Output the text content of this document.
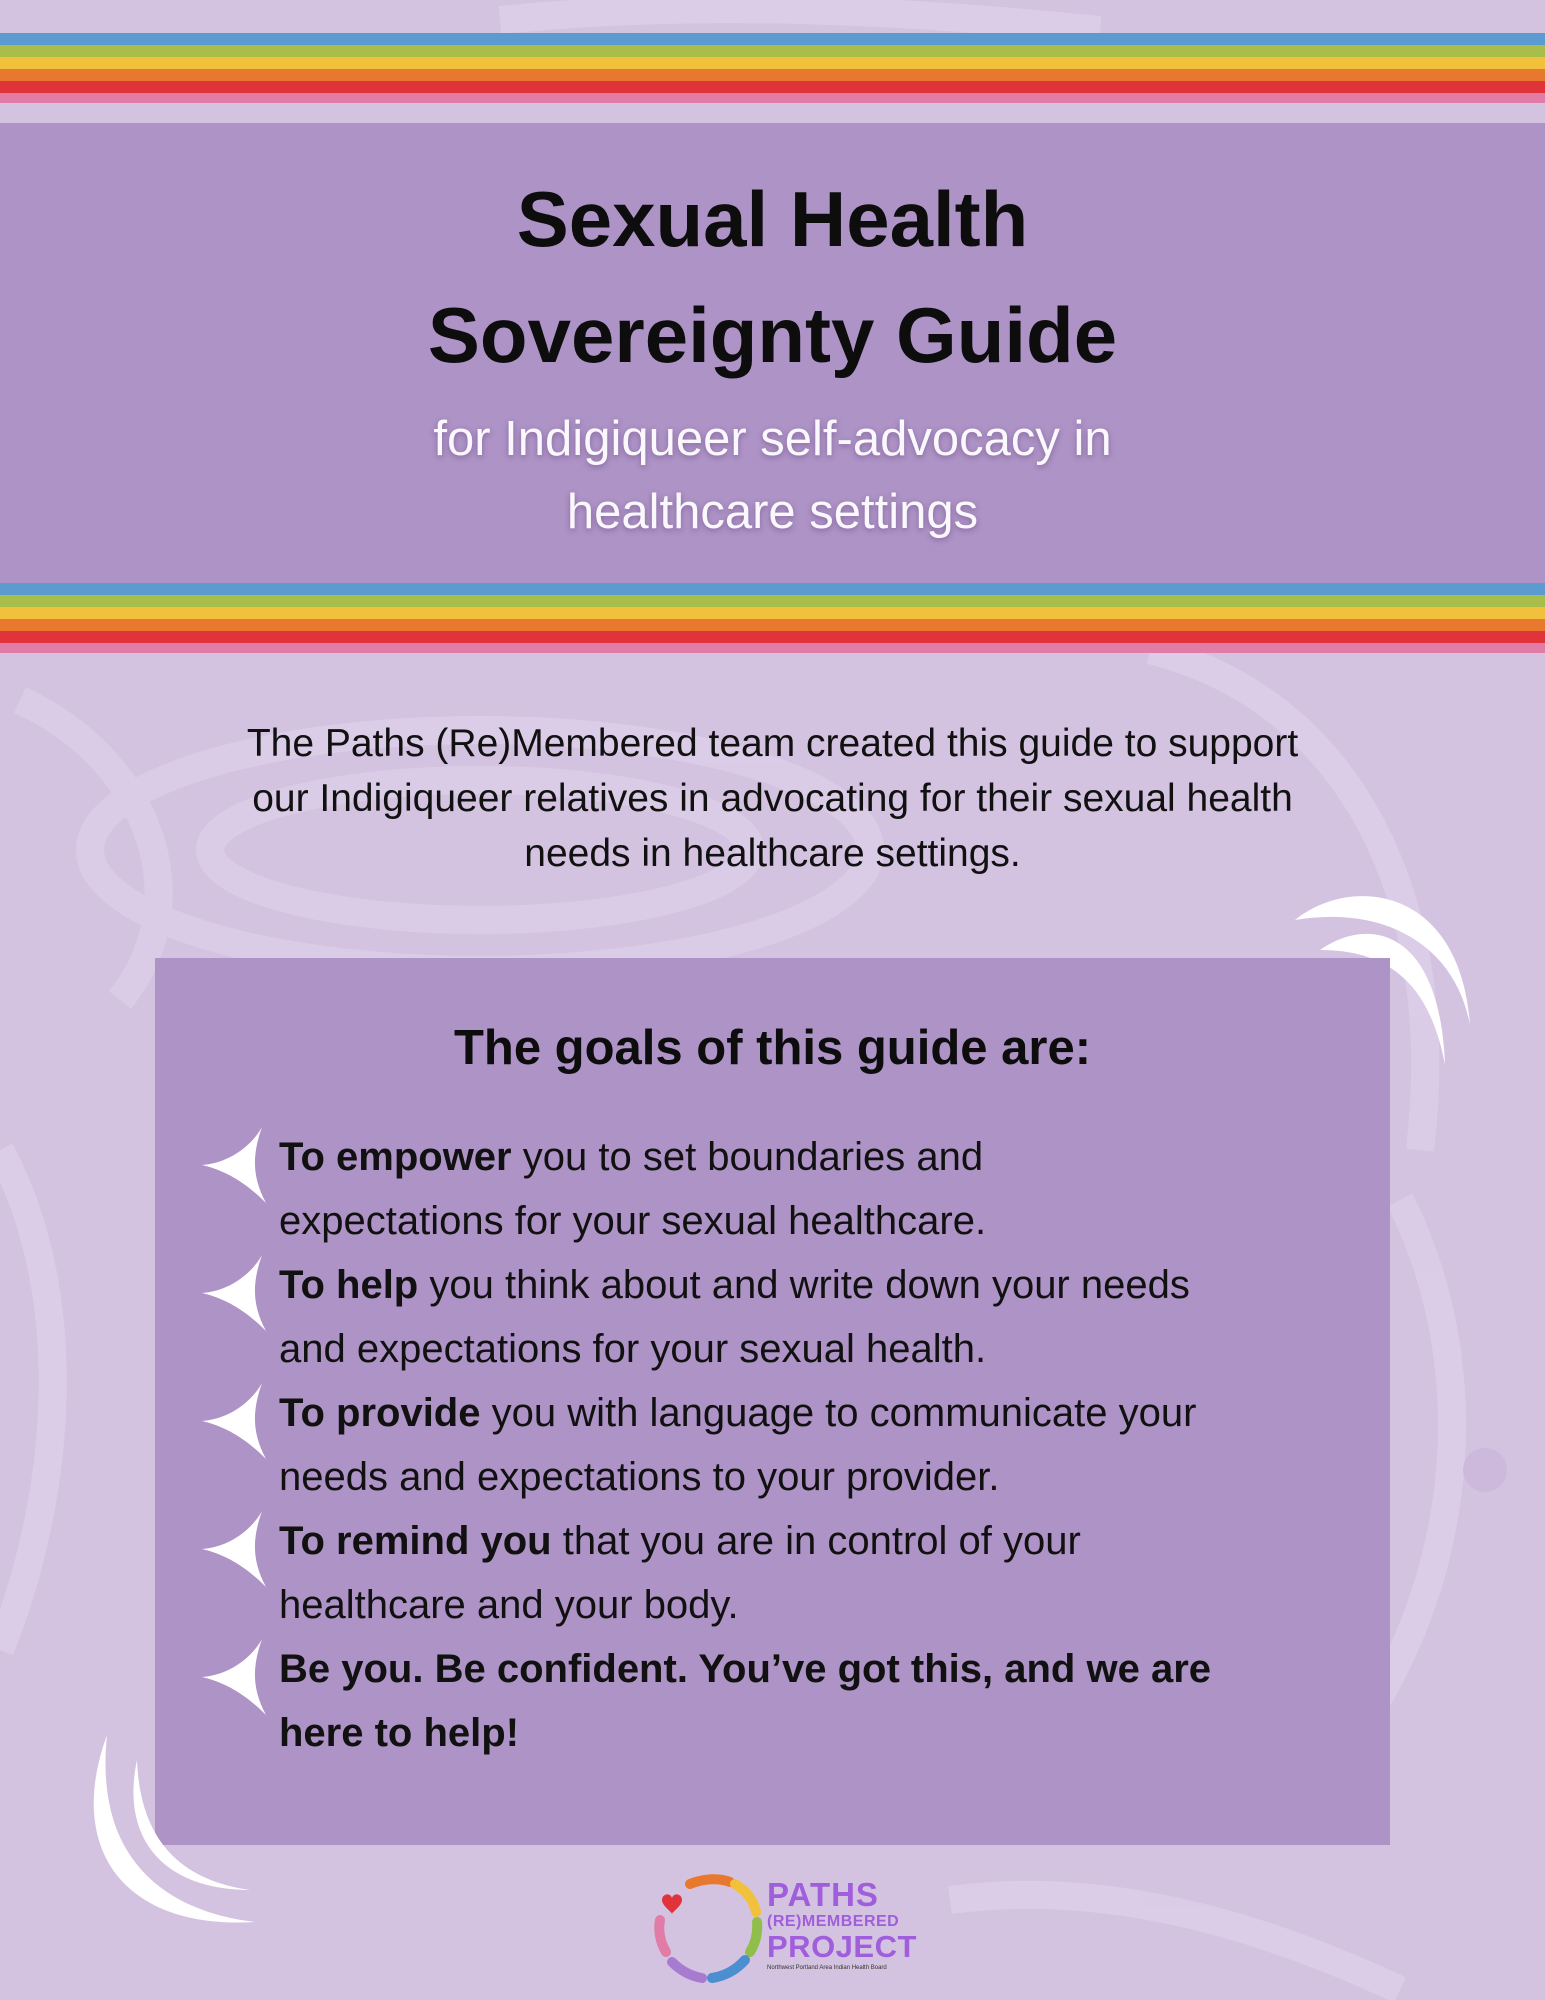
Sexual Health
Sovereignty Guide

for Indigiqueer self-advocacy in
healthcare settings

The Paths (Re)Membered team created this guide to support
our Indigiqueer relatives in advocating for their sexual health
needs in healthcare settings.
The goals of this guide are:
To empower you to set boundaries and
expectations for your sexual healthcare.
To help you think about and write down your needs
and expectations for your sexual health.
To provide you with language to communicate your
needs and expectations to your provider.
To remind you that you are in control of your
healthcare and your body.
Be you. Be confident. You’ve got this, and we are
here to help!
PATHS
(RE)MEMBERED
PROJECT
Northwest Portland Area Indian Health Board
